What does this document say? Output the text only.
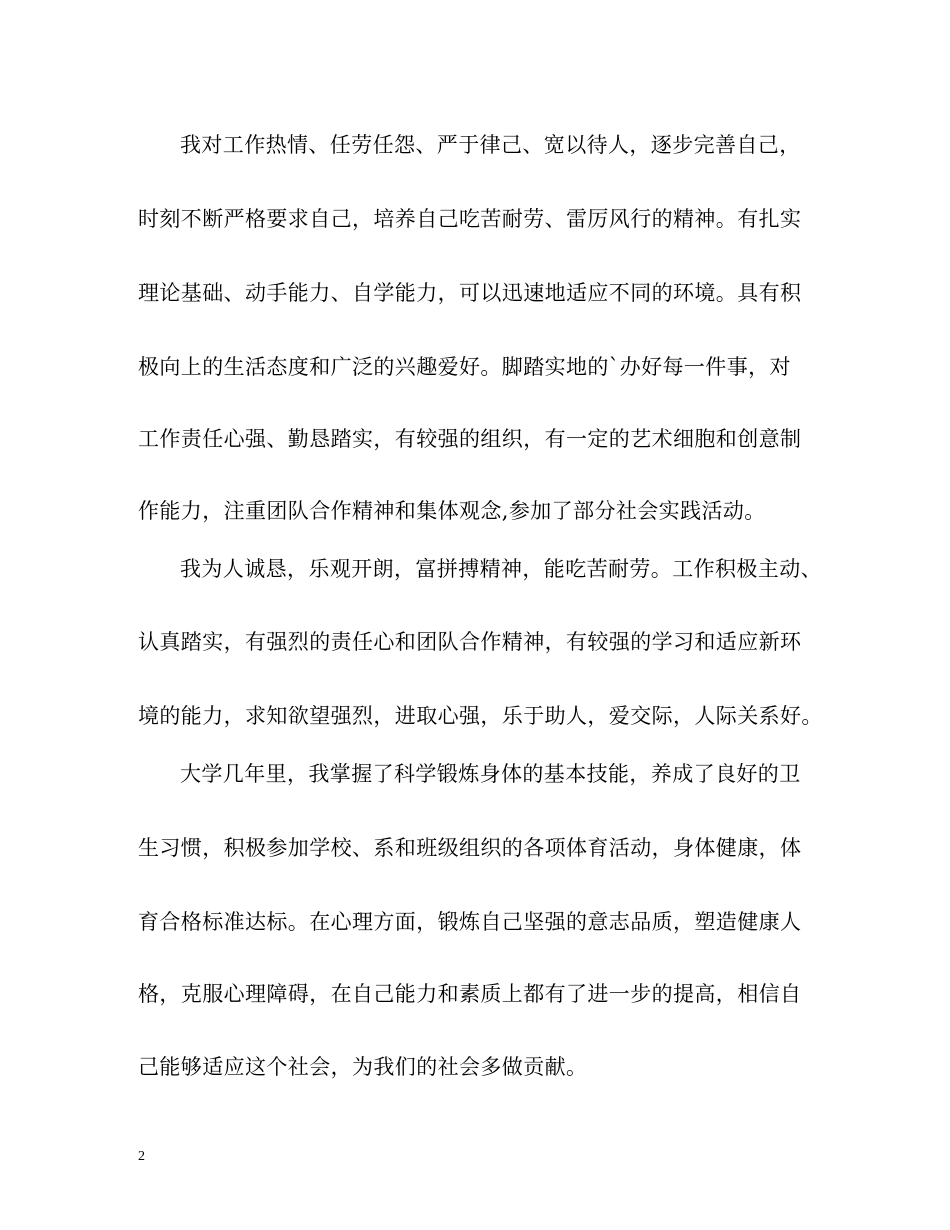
我对工作热情、任劳任怨、严于律己、宽以待人，逐步完善自己，
时刻不断严格要求自己，培养自己吃苦耐劳、雷厉风行的精神。有扎实
理论基础、动手能力、自学能力，可以迅速地适应不同的环境。具有积
极向上的生活态度和广泛的兴趣爱好。脚踏实地的`办好每一件事，对
工作责任心强、勤恳踏实，有较强的组织，有一定的艺术细胞和创意制
作能力，注重团队合作精神和集体观念,参加了部分社会实践活动。
我为人诚恳，乐观开朗，富拼搏精神，能吃苦耐劳。工作积极主动、
认真踏实，有强烈的责任心和团队合作精神，有较强的学习和适应新环
境的能力，求知欲望强烈，进取心强，乐于助人，爱交际，人际关系好。
大学几年里，我掌握了科学锻炼身体的基本技能，养成了良好的卫
生习惯，积极参加学校、系和班级组织的各项体育活动，身体健康，体
育合格标准达标。在心理方面，锻炼自己坚强的意志品质，塑造健康人
格，克服心理障碍，在自己能力和素质上都有了进一步的提高，相信自
己能够适应这个社会，为我们的社会多做贡献。
2
